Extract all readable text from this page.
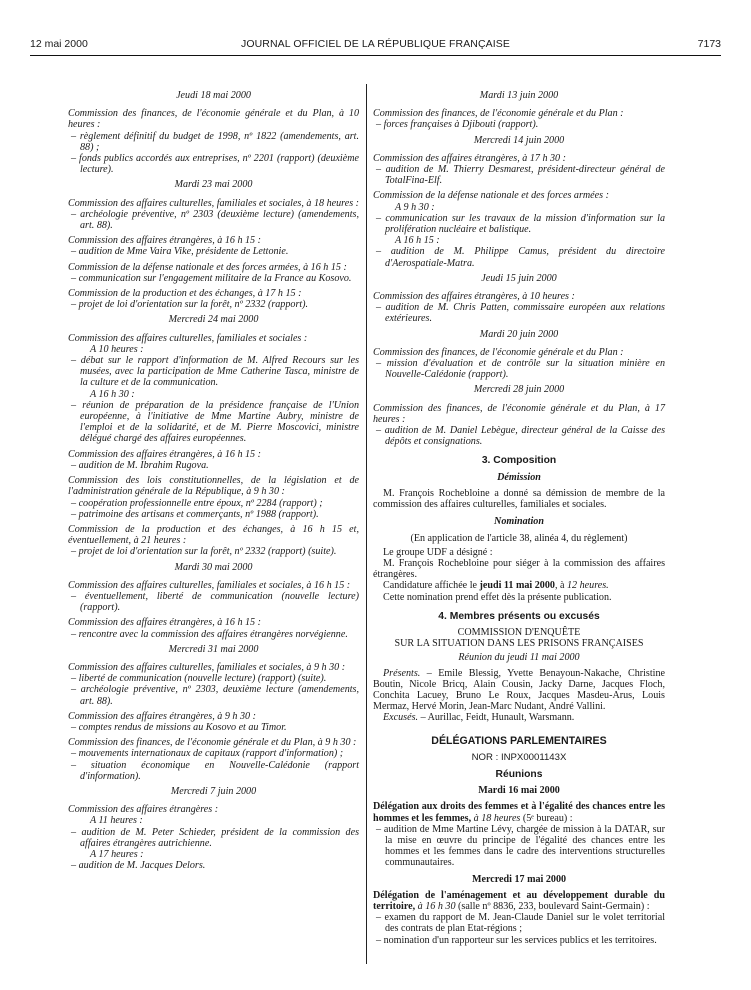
12 mai 2000	JOURNAL OFFICIEL DE LA RÉPUBLIQUE FRANÇAISE	7173
Jeudi 18 mai 2000

Commission des finances, de l'économie générale et du Plan, à 10 heures :

– règlement définitif du budget de 1998, nº 1822 (amendements, art. 88) ;

– fonds publics accordés aux entreprises, nº 2201 (rapport) (deuxième lecture).

Mardi 23 mai 2000

Commission des affaires culturelles, familiales et sociales, à 18 heures :

– archéologie préventive, nº 2303 (deuxième lecture) (amendements, art. 88).

Commission des affaires étrangères, à 16 h 15 :

– audition de Mme Vaira Vike, présidente de Lettonie.

Commission de la défense nationale et des forces armées, à 16 h 15 :

– communication sur l'engagement militaire de la France au Kosovo.

Commission de la production et des échanges, à 17 h 15 :

– projet de loi d'orientation sur la forêt, nº 2332 (rapport).

Mercredi 24 mai 2000

Commission des affaires culturelles, familiales et sociales :

A 10 heures :

– débat sur le rapport d'information de M. Alfred Recours sur les musées, avec la participation de Mme Catherine Tasca, ministre de la culture et de la communication.

A 16 h 30 :

– réunion de préparation de la présidence française de l'Union européenne, à l'initiative de Mme Martine Aubry, ministre de l'emploi et de la solidarité, et de M. Pierre Moscovici, ministre délégué chargé des affaires européennes.

Commission des affaires étrangères, à 16 h 15 :

– audition de M. Ibrahim Rugova.

Commission des lois constitutionnelles, de la législation et de l'administration générale de la République, à 9 h 30 :

– coopération professionnelle entre époux, nº 2284 (rapport) ;

– patrimoine des artisans et commerçants, nº 1988 (rapport).

Commission de la production et des échanges, à 16 h 15 et, éventuellement, à 21 heures :

– projet de loi d'orientation sur la forêt, nº 2332 (rapport) (suite).

Mardi 30 mai 2000

Commission des affaires culturelles, familiales et sociales, à 16 h 15 :

– éventuellement, liberté de communication (nouvelle lecture) (rapport).

Commission des affaires étrangères, à 16 h 15 :

– rencontre avec la commission des affaires étrangères norvégienne.

Mercredi 31 mai 2000

Commission des affaires culturelles, familiales et sociales, à 9 h 30 :

– liberté de communication (nouvelle lecture) (rapport) (suite).

– archéologie préventive, nº 2303, deuxième lecture (amendements, art. 88).

Commission des affaires étrangères, à 9 h 30 :

– comptes rendus de missions au Kosovo et au Timor.

Commission des finances, de l'économie générale et du Plan, à 9 h 30 :

– mouvements internationaux de capitaux (rapport d'information) ;

– situation économique en Nouvelle-Calédonie (rapport d'information).

Mercredi 7 juin 2000

Commission des affaires étrangères :

A 11 heures :

– audition de M. Peter Schieder, président de la commission des affaires étrangères autrichienne.

A 17 heures :

– audition de M. Jacques Delors.

Mardi 13 juin 2000

Commission des finances, de l'économie générale et du Plan :

– forces françaises à Djibouti (rapport).

Mercredi 14 juin 2000

Commission des affaires étrangères, à 17 h 30 :

– audition de M. Thierry Desmarest, président-directeur général de TotalFina-Elf.

Commission de la défense nationale et des forces armées :

A 9 h 30 :

– communication sur les travaux de la mission d'information sur la prolifération nucléaire et balistique.

A 16 h 15 :

– audition de M. Philippe Camus, président du directoire d'Aerospatiale-Matra.

Jeudi 15 juin 2000

Commission des affaires étrangères, à 10 heures :

– audition de M. Chris Patten, commissaire européen aux relations extérieures.

Mardi 20 juin 2000

Commission des finances, de l'économie générale et du Plan :

– mission d'évaluation et de contrôle sur la situation minière en Nouvelle-Calédonie (rapport).

Mercredi 28 juin 2000

Commission des finances, de l'économie générale et du Plan, à 17 heures :

– audition de M. Daniel Lebègue, directeur général de la Caisse des dépôts et consignations.

3. Composition
Démission

M. François Rochebloine a donné sa démission de membre de la commission des affaires culturelles, familiales et sociales.

Nomination

(En application de l'article 38, alinéa 4, du règlement)

Le groupe UDF a désigné :

M. François Rochebloine pour siéger à la commission des affaires étrangères.

Candidature affichée le jeudi 11 mai 2000, à 12 heures.

Cette nomination prend effet dès la présente publication.

4. Membres présents ou excusés

COMMISSION D'ENQUÊTE

SUR LA SITUATION DANS LES PRISONS FRANÇAISES

Réunion du jeudi 11 mai 2000

Présents. – Emile Blessig, Yvette Benayoun-Nakache, Christine Boutin, Nicole Bricq, Alain Cousin, Jacky Darne, Jacques Floch, Conchita Lacuey, Bruno Le Roux, Jacques Masdeu-Arus, Louis Mermaz, Hervé Morin, Jean-Marc Nudant, André Vallini.

Excusés. – Aurillac, Feidt, Hunault, Warsmann.

DÉLÉGATIONS PARLEMENTAIRES
NOR : INPX0001143X
Réunions
Mardi 16 mai 2000

Délégation aux droits des femmes et à l'égalité des chances entre les hommes et les femmes, à 18 heures (5ᵉ bureau) :

– audition de Mme Martine Lévy, chargée de mission à la DATAR, sur la mise en œuvre du principe de l'égalité des chances entre les hommes et les femmes dans le cadre des interventions structurelles communautaires.

Mercredi 17 mai 2000

Délégation de l'aménagement et au développement durable du territoire, à 16 h 30 (salle nº 8836, 233, boulevard Saint-Germain) :

– examen du rapport de M. Jean-Claude Daniel sur le volet territorial des contrats de plan Etat-régions ;

– nomination d'un rapporteur sur les services publics et les territoires.
